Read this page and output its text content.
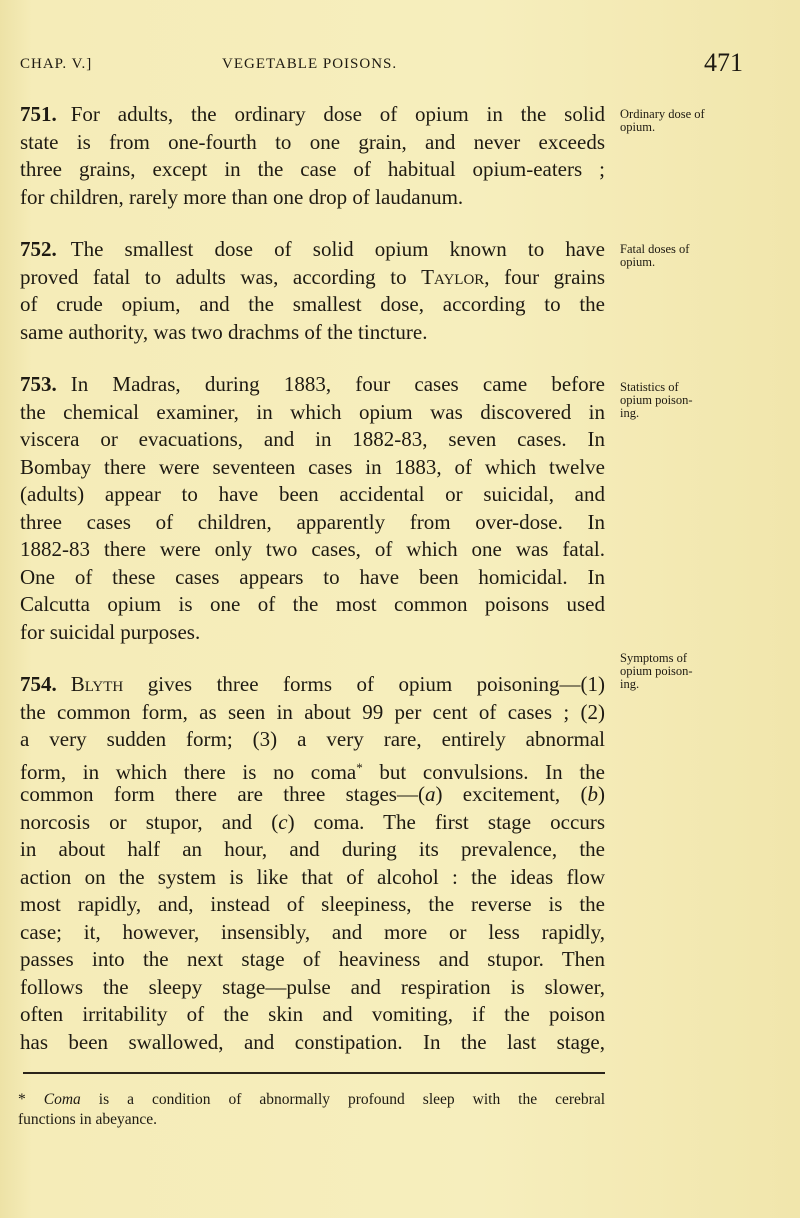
CHAP. V.]	VEGETABLE POISONS.	471
751. For adults, the ordinary dose of opium in the solid
state is from one-fourth to one grain, and never exceeds
three grains, except in the case of habitual opium-eaters ;
for children, rarely more than one drop of laudanum.
752. The smallest dose of solid opium known to have
proved fatal to adults was, according to Taylor, four grains
of crude opium, and the smallest dose, according to the
same authority, was two drachms of the tincture.
753. In Madras, during 1883, four cases came before
the chemical examiner, in which opium was discovered in
viscera or evacuations, and in 1882-83, seven cases. In
Bombay there were seventeen cases in 1883, of which twelve
(adults) appear to have been accidental or suicidal, and
three cases of children, apparently from over-dose. In
1882-83 there were only two cases, of which one was fatal.
One of these cases appears to have been homicidal. In
Calcutta opium is one of the most common poisons used
for suicidal purposes.
754. Blyth gives three forms of opium poisoning—(1)
the common form, as seen in about 99 per cent of cases ; (2)
a very sudden form; (3) a very rare, entirely abnormal
form, in which there is no coma* but convulsions. In the
common form there are three stages—(a) excitement, (b)
norcosis or stupor, and (c) coma. The first stage occurs
in about half an hour, and during its prevalence, the
action on the system is like that of alcohol : the ideas flow
most rapidly, and, instead of sleepiness, the reverse is the
case; it, however, insensibly, and more or less rapidly,
passes into the next stage of heaviness and stupor. Then
follows the sleepy stage—pulse and respiration is slower,
often irritability of the skin and vomiting, if the poison
has been swallowed, and constipation. In the last stage,
Ordinary dose of
opium.
Fatal doses of
opium.
Statistics of
opium poison-
ing.
Symptoms of
opium poison-
ing.
* Coma is a condition of abnormally profound sleep with the cerebral
functions in abeyance.
